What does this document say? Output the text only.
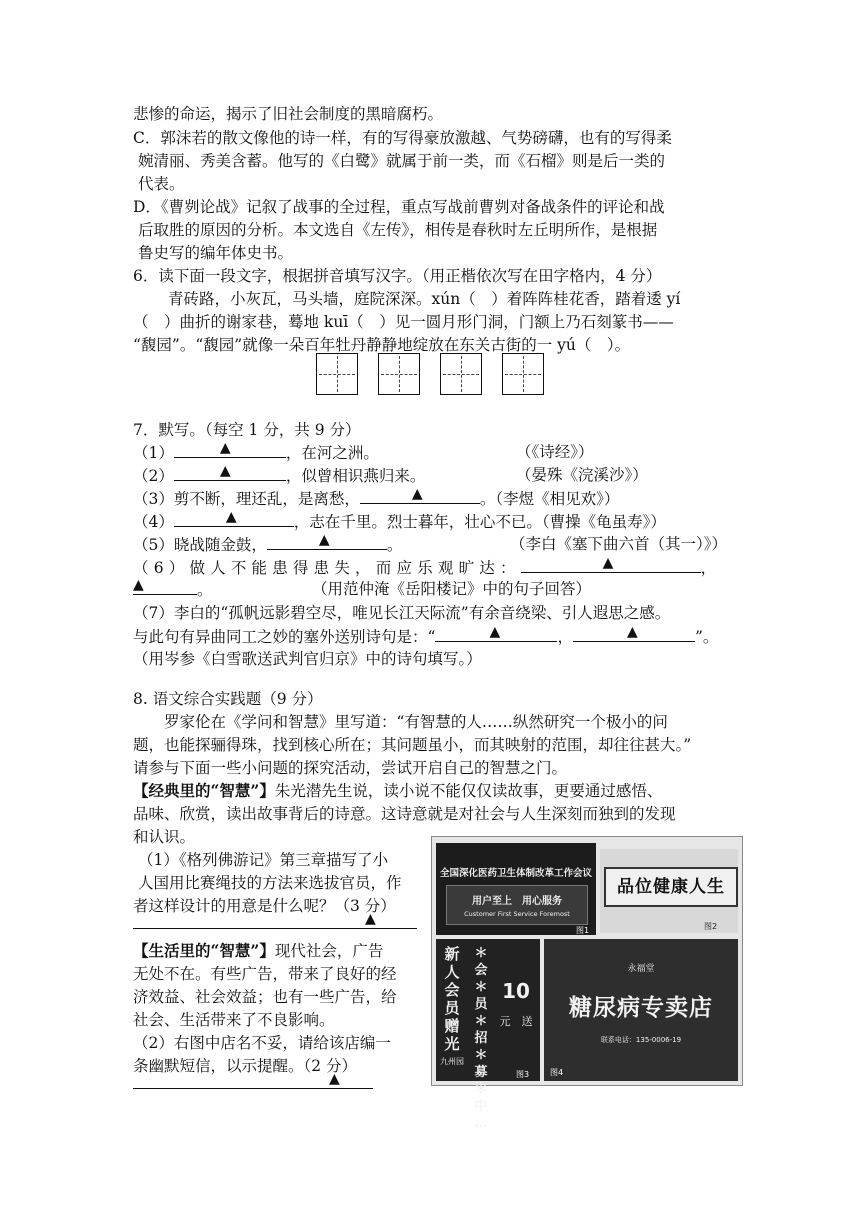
悲惨的命运，揭示了旧社会制度的黑暗腐朽。
C．郭沫若的散文像他的诗一样，有的写得豪放激越、气势磅礴，也有的写得柔
婉清丽、秀美含蓄。他写的《白鹭》就属于前一类，而《石榴》则是后一类的
代表。
D．《曹刿论战》记叙了战事的全过程，重点写战前曹刿对备战条件的评论和战
后取胜的原因的分析。本文选自《左传》，相传是春秋时左丘明所作，是根据
鲁史写的编年体史书。
6．读下面一段文字，根据拼音填写汉字。（用正楷依次写在田字格内，4 分）
青砖路，小灰瓦，马头墙，庭院深深。xún（　）着阵阵桂花香，踏着逶 yí
（　）曲折的谢家巷，蓦地 kuī（　）见一圆月形门洞，门额上乃石刻篆书——
“馥园”。“馥园”就像一朵百年牡丹静静地绽放在东关古街的一 yú（　）。
7．默写。（每空 1 分，共 9 分）
（1）	▲	，在河之洲。	（《诗经》）
（2）	▲	，似曾相识燕归来。	（晏殊《浣溪沙》）
（3）剪不断，理还乱，是离愁，	▲	。（李煜《相见欢》）
（4）	▲	，志在千里。烈士暮年，壮心不已。（曹操《龟虽寿》）
（5）晓战随金鼓，	▲	。	（李白《塞下曲六首（其一）》）
（6）做人不能患得患失，而应乐观旷达：	▲	，
▲	。	（用范仲淹《岳阳楼记》中的句子回答）
（7）李白的“孤帆远影碧空尽，唯见长江天际流”有余音绕梁、引人遐思之感。
与此句有异曲同工之妙的塞外送别诗句是：“	▲	，	▲	”。
（用岑参《白雪歌送武判官归京》中的诗句填写。）
8. 语文综合实践题（9 分）
罗家伦在《学问和智慧》里写道：“有智慧的人……纵然研究一个极小的问
题，也能探骊得珠，找到核心所在；其问题虽小，而其映射的范围，却往往甚大。”
请参与下面一些小问题的探究活动，尝试开启自己的智慧之门。
【经典里的“智慧”】朱光潜先生说，读小说不能仅仅读故事，更要通过感悟、
品味、欣赏，读出故事背后的诗意。这诗意就是对社会与人生深刻而独到的发现
和认识。
（1）《格列佛游记》第三章描写了小
人国用比赛绳技的方法来选拔官员，作
者这样设计的用意是什么呢？（3 分）
▲
【生活里的“智慧”】现代社会，广告
无处不在。有些广告，带来了良好的经
济效益、社会效益；也有一些广告，给
社会、生活带来了不良影响。
（2）右图中店名不妥，请给该店编一
条幽默短信，以示提醒。（2 分）
▲
全国深化医药卫生体制改革工作会议
用户至上　用心服务
Customer First Service Foremost
图1
品位健康人生
图2
新
人
会
员
赠
光
＊会
＊员
＊招
＊募
＊中
…
10
元　送
九州园
图3
永福堂
糖尿病专卖店
联系电话：135-0006-19
图4
